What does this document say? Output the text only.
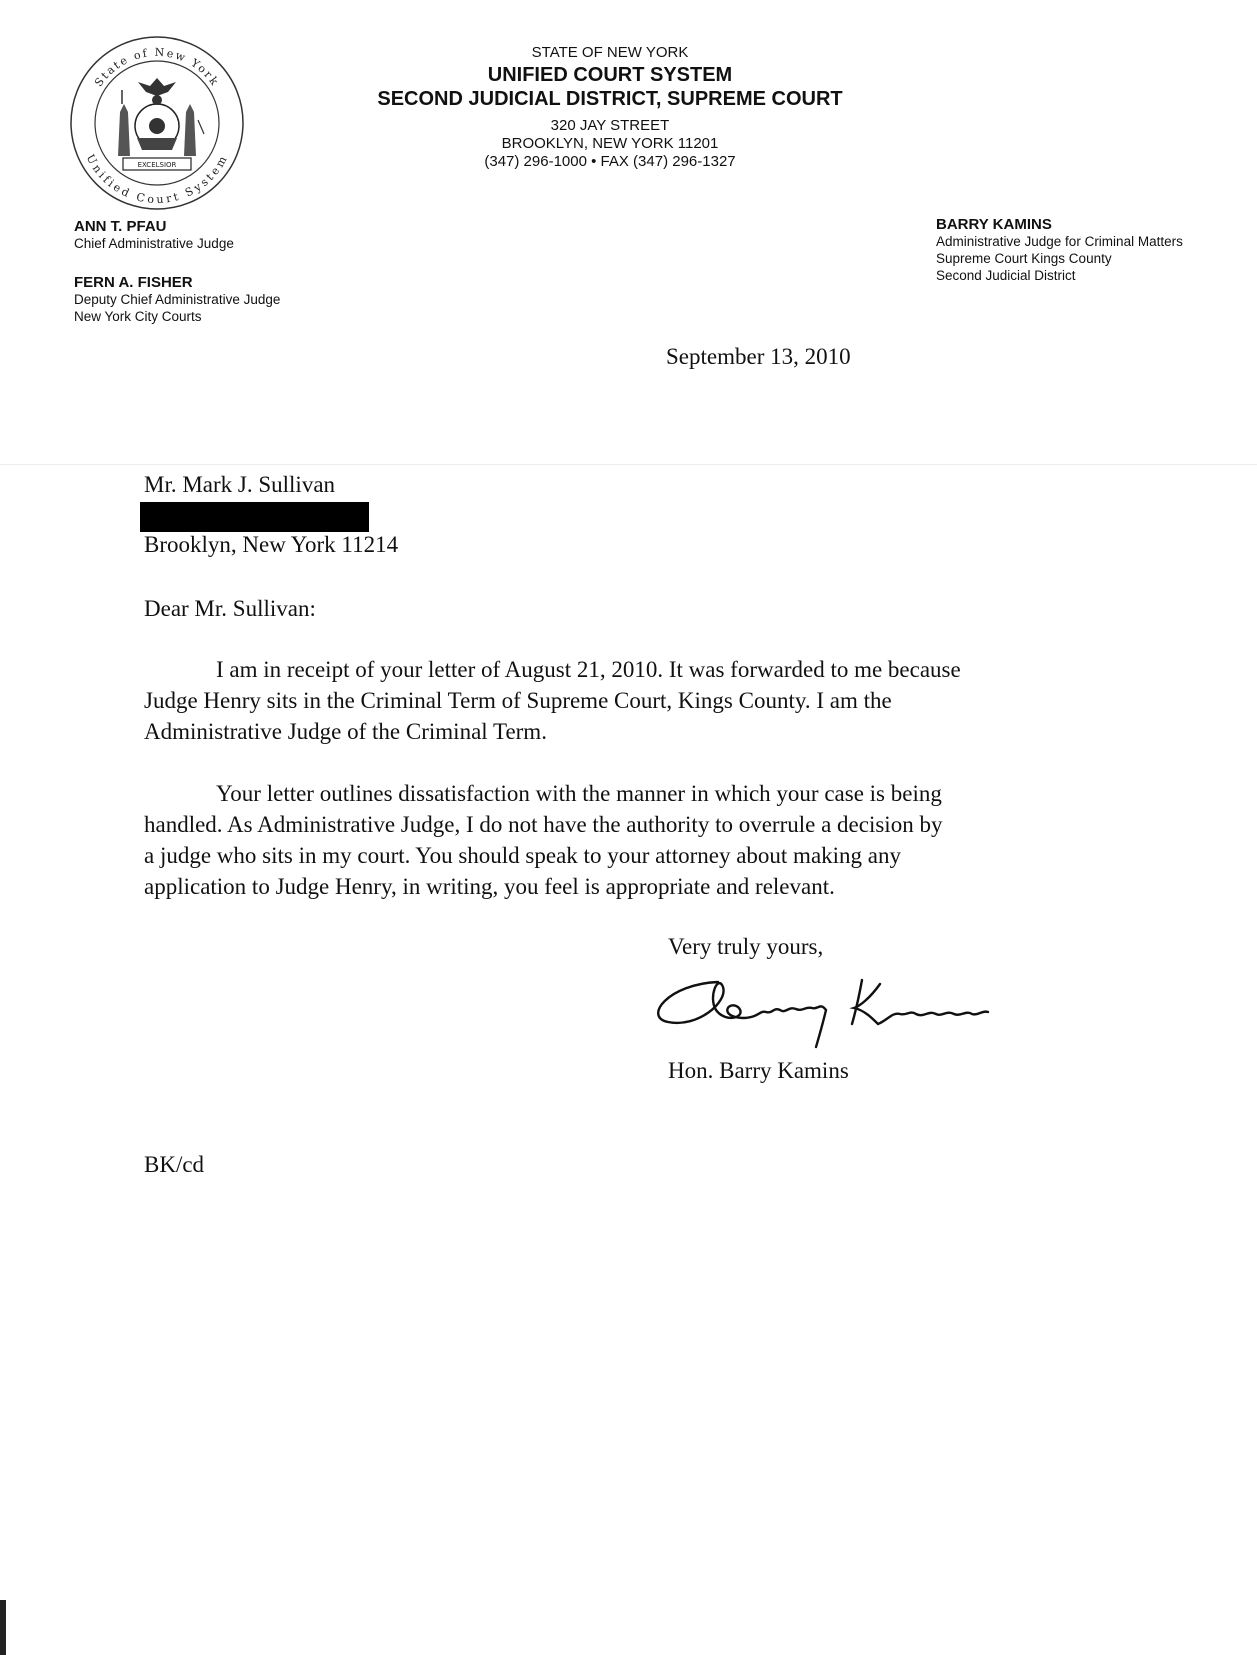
State of New York
Unified Court System
EXCELSIOR
STATE OF NEW YORK
UNIFIED COURT SYSTEM
SECOND JUDICIAL DISTRICT, SUPREME COURT
320 JAY STREET
BROOKLYN, NEW YORK 11201
(347) 296-1000 • FAX (347) 296-1327
ANN T. PFAU
Chief Administrative Judge
FERN A. FISHER
Deputy Chief Administrative Judge
New York City Courts
BARRY KAMINS
Administrative Judge for Criminal Matters
Supreme Court Kings County
Second Judicial District
September 13, 2010
Mr. Mark J. Sullivan
Brooklyn, New York 11214
Dear Mr. Sullivan:
I am in receipt of your letter of August 21, 2010. It was forwarded to me because
Judge Henry sits in the Criminal Term of Supreme Court, Kings County. I am the
Administrative Judge of the Criminal Term.
Your letter outlines dissatisfaction with the manner in which your case is being
handled. As Administrative Judge, I do not have the authority to overrule a decision by
a judge who sits in my court. You should speak to your attorney about making any
application to Judge Henry, in writing, you feel is appropriate and relevant.
Very truly yours,
Hon. Barry Kamins
BK/cd
